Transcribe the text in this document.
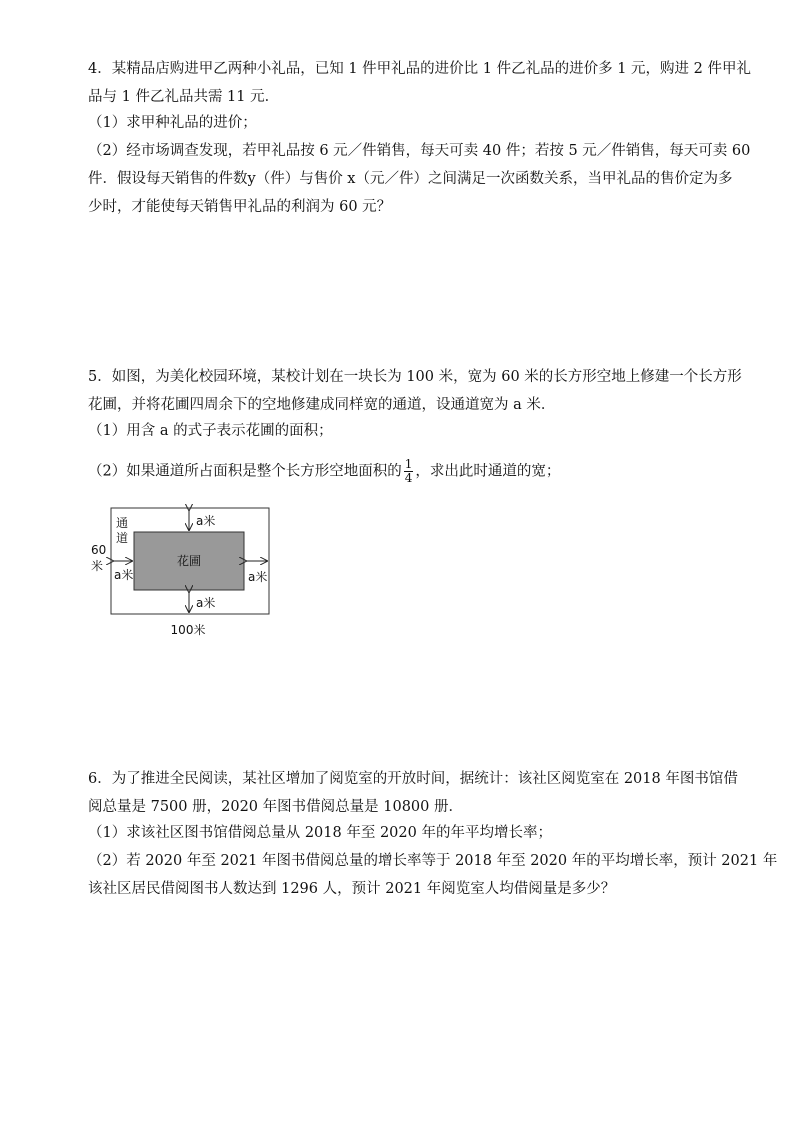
4．某精品店购进甲乙两种小礼品，已知 1 件甲礼品的进价比 1 件乙礼品的进价多 1 元，购进 2 件甲礼
品与 1 件乙礼品共需 11 元．
（1）求甲种礼品的进价；
（2）经市场调查发现，若甲礼品按 6 元／件销售，每天可卖 40 件；若按 5 元／件销售，每天可卖 60
件．假设每天销售的件数y（件）与售价 x（元／件）之间满足一次函数关系，当甲礼品的售价定为多
少时，才能使每天销售甲礼品的利润为 60 元？
5．如图，为美化校园环境，某校计划在一块长为 100 米，宽为 60 米的长方形空地上修建一个长方形
花圃，并将花圃四周余下的空地修建成同样宽的通道，设通道宽为 a 米．
（1）用含 a 的式子表示花圃的面积；
（2）如果通道所占面积是整个长方形空地面积的 $\frac{1}{4}$ ，求出此时通道的宽；
花圃
通
道
a米
a米	a米
a米
60
米
100米
6．为了推进全民阅读，某社区增加了阅览室的开放时间，据统计：该社区阅览室在 2018 年图书馆借
阅总量是 7500 册，2020 年图书借阅总量是 10800 册．
（1）求该社区图书馆借阅总量从 2018 年至 2020 年的年平均增长率；
（2）若 2020 年至 2021 年图书借阅总量的增长率等于 2018 年至 2020 年的平均增长率，预计 2021 年
该社区居民借阅图书人数达到 1296 人，预计 2021 年阅览室人均借阅量是多少？
